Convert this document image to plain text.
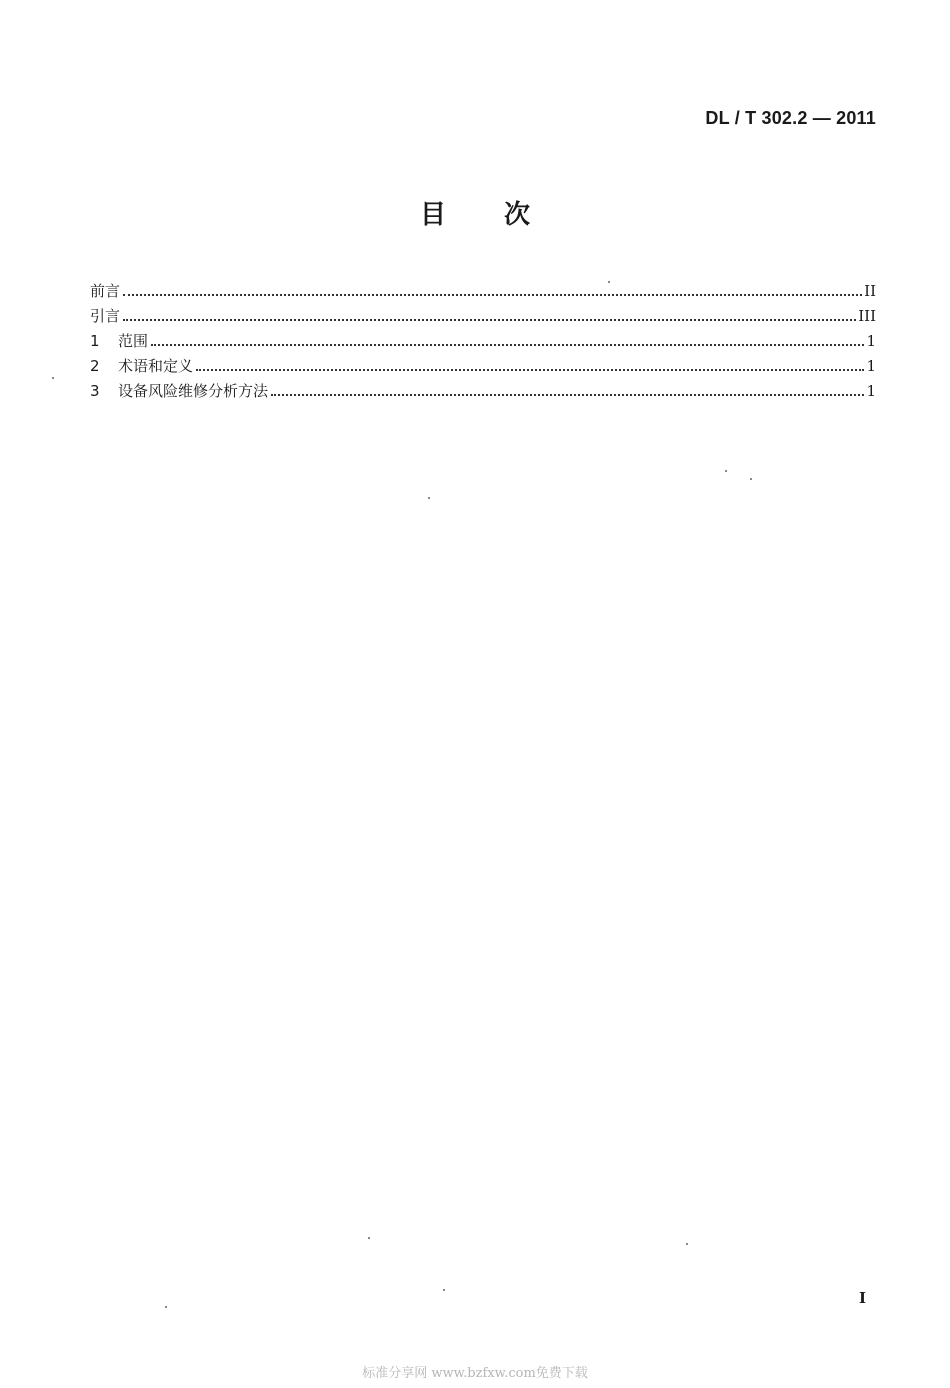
DL / T 302.2 — 2011
目次
前言	II
引言	III
1	范围	1
2	术语和定义	1
3	设备风险维修分析方法	1
I
标准分享网 www.bzfxw.com免费下载
